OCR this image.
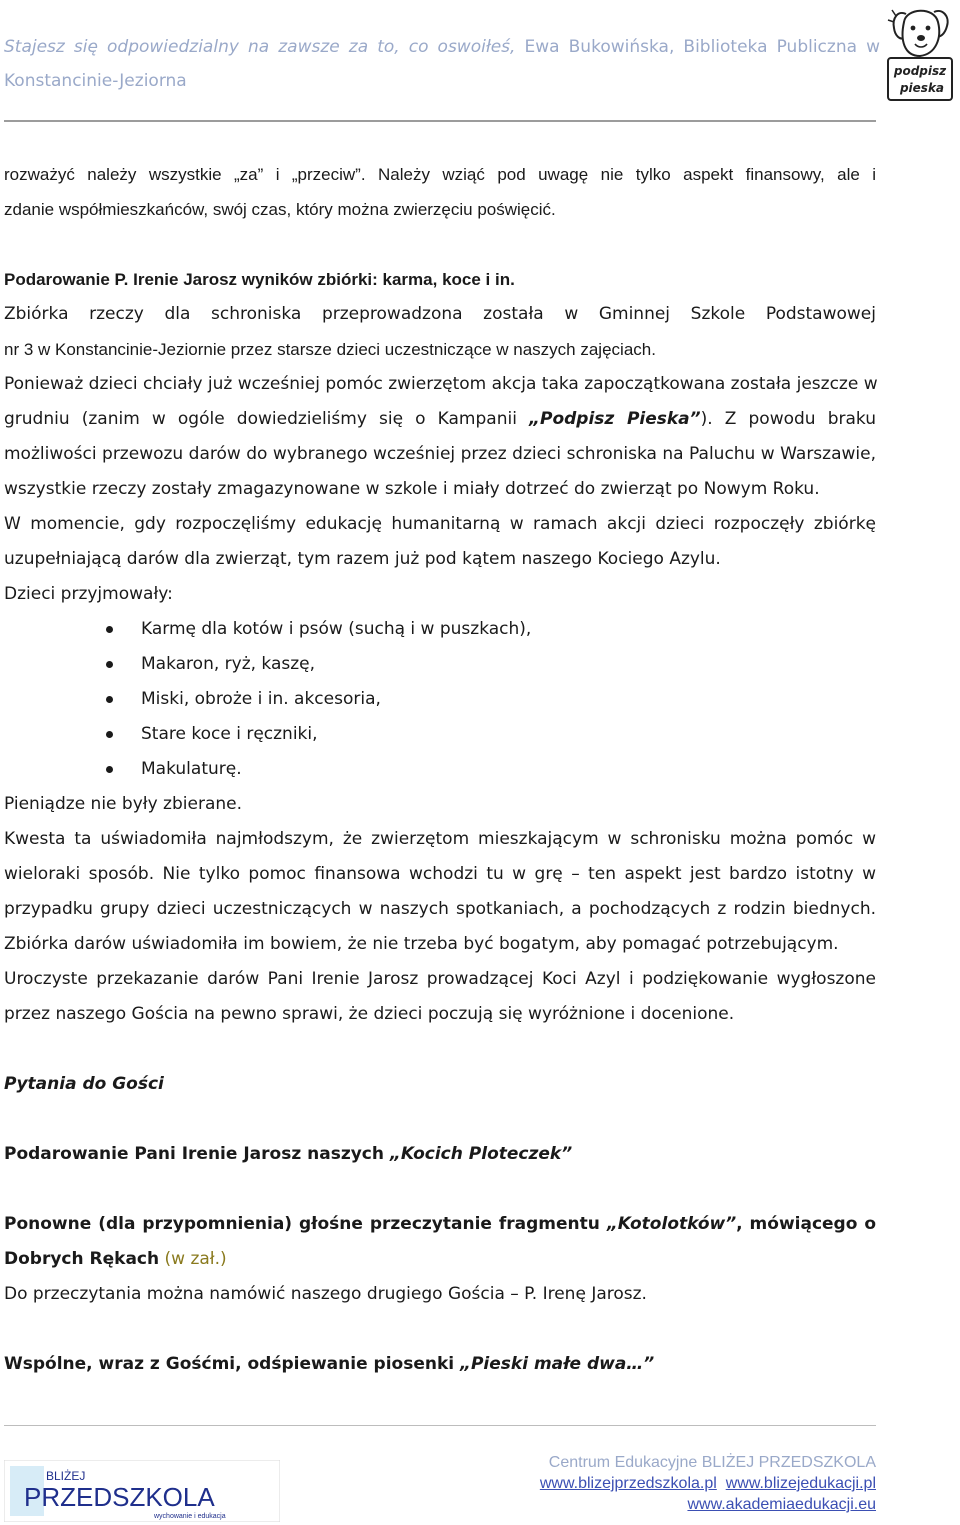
Stajesz się odpowiedzialny na zawsze za to, co oswoiłeś, Ewa Bukowińska, Biblioteka Publiczna w Konstancinie-Jeziorna	podpisz
pieska
rozważyć należy wszystkie „za” i „przeciw”. Należy wziąć pod uwagę nie tylko aspekt finansowy, ale i
zdanie współmieszkańców, swój czas, który można zwierzęciu poświęcić.
Podarowanie P. Irenie Jarosz wyników zbiórki: karma, koce i in.
Zbiórka rzeczy dla schroniska przeprowadzona została w Gminnej Szkole Podstawowej
nr 3 w Konstancinie-Jeziornie przez starsze dzieci uczestniczące w naszych zajęciach.
Ponieważ dzieci chciały już wcześniej pomóc zwierzętom akcja taka zapoczątkowana została jeszcze w
grudniu (zanim w ogóle dowiedzieliśmy się o Kampanii „Podpisz Pieska”). Z powodu braku
możliwości przewozu darów do wybranego wcześniej przez dzieci schroniska na Paluchu w Warszawie,
wszystkie rzeczy zostały zmagazynowane w szkole i miały dotrzeć do zwierząt po Nowym Roku.
W momencie, gdy rozpoczęliśmy edukację humanitarną w ramach akcji dzieci rozpoczęły zbiórkę
uzupełniającą darów dla zwierząt, tym razem już pod kątem naszego Kociego Azylu.
Dzieci przyjmowały:
Karmę dla kotów i psów (suchą i w puszkach),
Makaron, ryż, kaszę,
Miski, obroże i in. akcesoria,
Stare koce i ręczniki,
Makulaturę.
Pieniądze nie były zbierane.
Kwesta ta uświadomiła najmłodszym, że zwierzętom mieszkającym w schronisku można pomóc w
wieloraki sposób. Nie tylko pomoc finansowa wchodzi tu w grę – ten aspekt jest bardzo istotny w
przypadku grupy dzieci uczestniczących w naszych spotkaniach, a pochodzących z rodzin biednych.
Zbiórka darów uświadomiła im bowiem, że nie trzeba być bogatym, aby pomagać potrzebującym.
Uroczyste przekazanie darów Pani Irenie Jarosz prowadzącej Koci Azyl i podziękowanie wygłoszone
przez naszego Gościa na pewno sprawi, że dzieci poczują się wyróżnione i docenione.
Pytania do Gości
Podarowanie Pani Irenie Jarosz naszych „Kocich Ploteczek”
Ponowne (dla przypomnienia) głośne przeczytanie fragmentu „Kotolotków”, mówiącego o
Dobrych Rękach (w zał.)
Do przeczytania można namówić naszego drugiego Gościa – P. Irenę Jarosz.
Wspólne, wraz z Gośćmi, odśpiewanie piosenki „Pieski małe dwa…”
BLIŻEJ
PRZEDSZKOLA
wychowanie i edukacja
Centrum Edukacyjne BLIŻEJ PRZEDSZKOLA
www.blizejprzedszkola.pl www.blizejedukacji.pl
www.akademiaedukacji.eu
